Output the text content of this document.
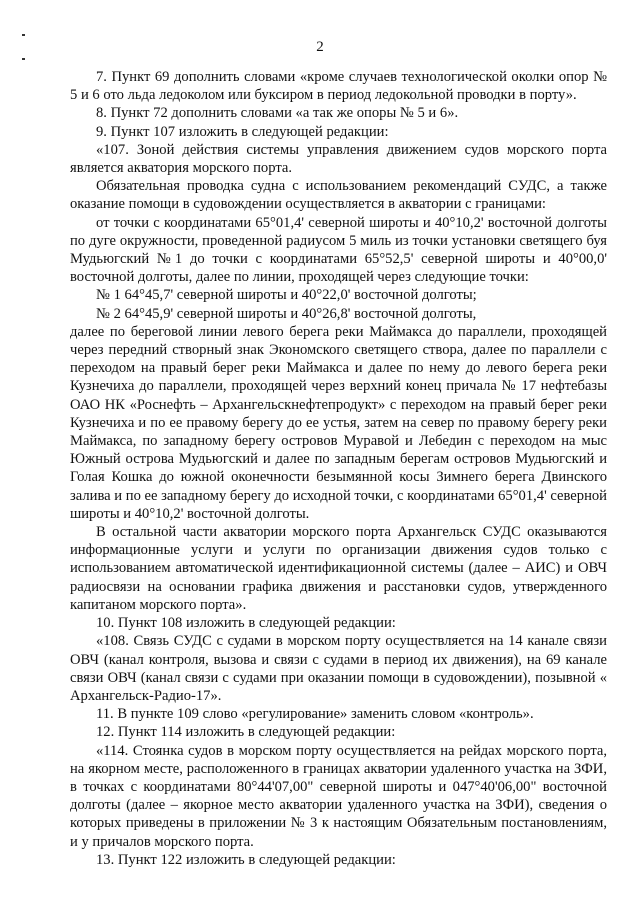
2

7. Пункт 69 дополнить словами «кроме случаев технологической околки опор № 5 и 6 ото льда ледоколом или буксиром в период ледокольной проводки в порту».

8. Пункт 72 дополнить словами «а так же опоры № 5 и 6».

9. Пункт 107 изложить в следующей редакции:

«107. Зоной действия системы управления движением судов морского порта является акватория морского порта.

Обязательная проводка судна с использованием рекомендаций СУДС, а также оказание помощи в судовождении осуществляется в акватории с границами:

от точки с координатами 65°01,4' северной широты и 40°10,2' восточной долготы по дуге окружности, проведенной радиусом 5 миль из точки установки светящего буя Мудьюгский №1 до точки с координатами 65°52,5' северной широты и 40°00,0' восточной долготы, далее по линии, проходящей через следующие точки:

№ 1 64°45,7' северной широты и 40°22,0' восточной долготы;

№ 2 64°45,9' северной широты и 40°26,8' восточной долготы,

далее по береговой линии левого берега реки Маймакса до параллели, проходящей через передний створный знак Экономского светящего створа, далее по параллели с переходом на правый берег реки Маймакса и далее по нему до левого берега реки Кузнечиха до параллели, проходящей через верхний конец причала № 17 нефтебазы ОАО НК «Роснефть – Архангельскнефтепродукт» с переходом на правый берег реки Кузнечиха и по ее правому берегу до ее устья, затем на север по правому берегу реки Маймакса, по западному берегу островов Муравой и Лебедин с переходом на мыс Южный острова Мудьюгский и далее по западным берегам островов Мудьюгский и Голая Кошка до южной оконечности безымянной косы Зимнего берега Двинского залива и по ее западному берегу до исходной точки, с координатами 65°01,4' северной широты и 40°10,2' восточной долготы.

В остальной части акватории морского порта Архангельск СУДС оказываются информационные услуги и услуги по организации движения судов только с использованием автоматической идентификационной системы (далее – АИС) и ОВЧ радиосвязи на основании графика движения и расстановки судов, утвержденного капитаном морского порта».

10. Пункт 108 изложить в следующей редакции:

«108. Связь СУДС с судами в морском порту осуществляется на 14 канале связи ОВЧ (канал контроля, вызова и связи с судами в период их движения), на 69 канале связи ОВЧ (канал связи с судами при оказании помощи в судовождении), позывной « Архангельск-Радио-17».

11. В пункте 109 слово «регулирование» заменить словом «контроль».

12. Пункт 114 изложить в следующей редакции:

«114. Стоянка судов в морском порту осуществляется на рейдах морского порта, на якорном месте, расположенного в границах акватории удаленного участка на ЗФИ, в точках с координатами 80°44'07,00" северной широты и 047°40'06,00" восточной долготы (далее – якорное место акватории удаленного участка на ЗФИ), сведения о которых приведены в приложении № 3 к настоящим Обязательным постановлениям, и у причалов морского порта.

13. Пункт 122 изложить в следующей редакции:
